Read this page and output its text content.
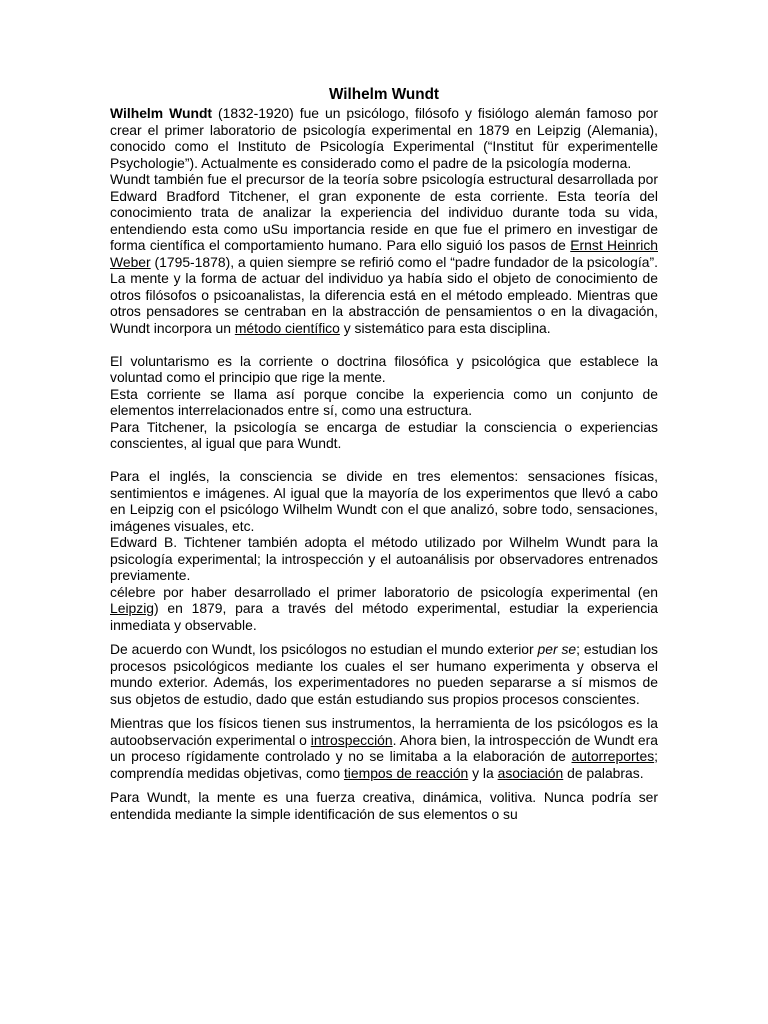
Wilhelm Wundt

Wilhelm Wundt (1832-1920) fue un psicólogo, filósofo y fisiólogo alemán famoso por crear el primer laboratorio de psicología experimental en 1879 en Leipzig (Alemania), conocido como el Instituto de Psicología Experimental (“Institut für experimentelle Psychologie”). Actualmente es considerado como el padre de la psicología moderna.

Wundt también fue el precursor de la teoría sobre psicología estructural desarrollada por Edward Bradford Titchener, el gran exponente de esta corriente. Esta teoría del conocimiento trata de analizar la experiencia del individuo durante toda su vida, entendiendo esta como uSu importancia reside en que fue el primero en investigar de forma científica el comportamiento humano. Para ello siguió los pasos de Ernst Heinrich Weber (1795-1878), a quien siempre se refirió como el “padre fundador de la psicología”.

La mente y la forma de actuar del individuo ya había sido el objeto de conocimiento de otros filósofos o psicoanalistas, la diferencia está en el método empleado. Mientras que otros pensadores se centraban en la abstracción de pensamientos o en la divagación, Wundt incorpora un método científico y sistemático para esta disciplina.

El voluntarismo es la corriente o doctrina filosófica y psicológica que establece la voluntad como el principio que rige la mente.

Esta corriente se llama así porque concibe la experiencia como un conjunto de elementos interrelacionados entre sí, como una estructura.

Para Titchener, la psicología se encarga de estudiar la consciencia o experiencias conscientes, al igual que para Wundt.

Para el inglés, la consciencia se divide en tres elementos: sensaciones físicas, sentimientos e imágenes. Al igual que la mayoría de los experimentos que llevó a cabo en Leipzig con el psicólogo Wilhelm Wundt con el que analizó, sobre todo, sensaciones, imágenes visuales, etc.

Edward B. Tichtener también adopta el método utilizado por Wilhelm Wundt para la psicología experimental; la introspección y el autoanálisis por observadores entrenados previamente.

célebre por haber desarrollado el primer laboratorio de psicología experimental (en Leipzig) en 1879, para a través del método experimental, estudiar la experiencia inmediata y observable.

De acuerdo con Wundt, los psicólogos no estudian el mundo exterior per se; estudian los procesos psicológicos mediante los cuales el ser humano experimenta y observa el mundo exterior. Además, los experimentadores no pueden separarse a sí mismos de sus objetos de estudio, dado que están estudiando sus propios procesos conscientes.

Mientras que los físicos tienen sus instrumentos, la herramienta de los psicólogos es la autoobservación experimental o introspección. Ahora bien, la introspección de Wundt era un proceso rígidamente controlado y no se limitaba a la elaboración de autorreportes; comprendía medidas objetivas, como tiempos de reacción y la asociación de palabras.

Para Wundt, la mente es una fuerza creativa, dinámica, volitiva. Nunca podría ser entendida mediante la simple identificación de sus elementos o su
